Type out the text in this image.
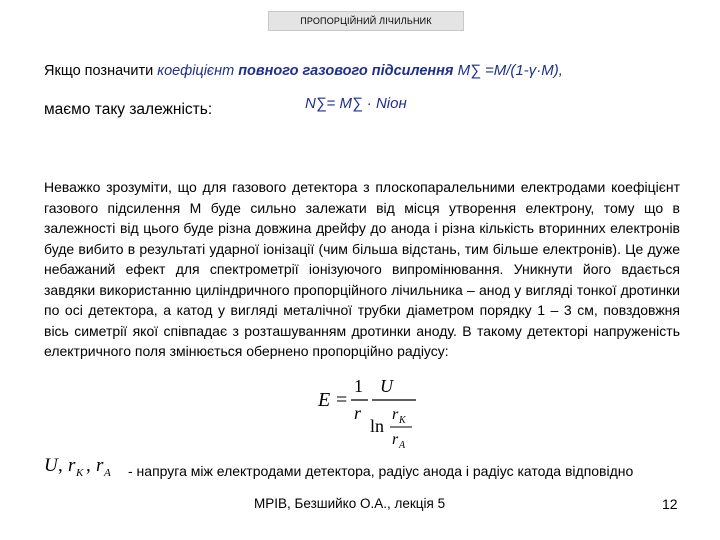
ПРОПОРЦІЙНИЙ ЛІЧИЛЬНИК
Якщо позначити коефіцієнт повного газового підсилення M∑ =M/(1-γ·M),
маємо таку залежність:	N∑= M∑ · Nіон
Неважко зрозуміти, що для газового детектора з плоскопаралельними електродами коефіцієнт газового підсилення M буде сильно залежати від місця утворення електрону, тому що в залежності від цього буде різна довжина дрейфу до анода і різна кількість вторинних електронів буде вибито в результаті ударної іонізації (чим більша відстань, тим більше електронів). Це дуже небажаний ефект для спектрометрії іонізуючого випромінювання. Уникнути його вдається завдяки використанню циліндричного пропорційного лічильника – анод у вигляді тонкої дротинки по осі детектора, а катод у вигляді металічної трубки діаметром порядку 1 – 3 см, повздовжня вісь симетрії якої співпадає з розташуванням дротинки аноду. В такому детекторі напруженість електричного поля змінюється обернено пропорційно радіусу:
E =
1
r
U
ln
r K
r A
U , r K , r A - напруга між електродами детектора, радіус анода і радіус катода відповідно
МРІВ, Безшийко О.А., лекція 5	12
